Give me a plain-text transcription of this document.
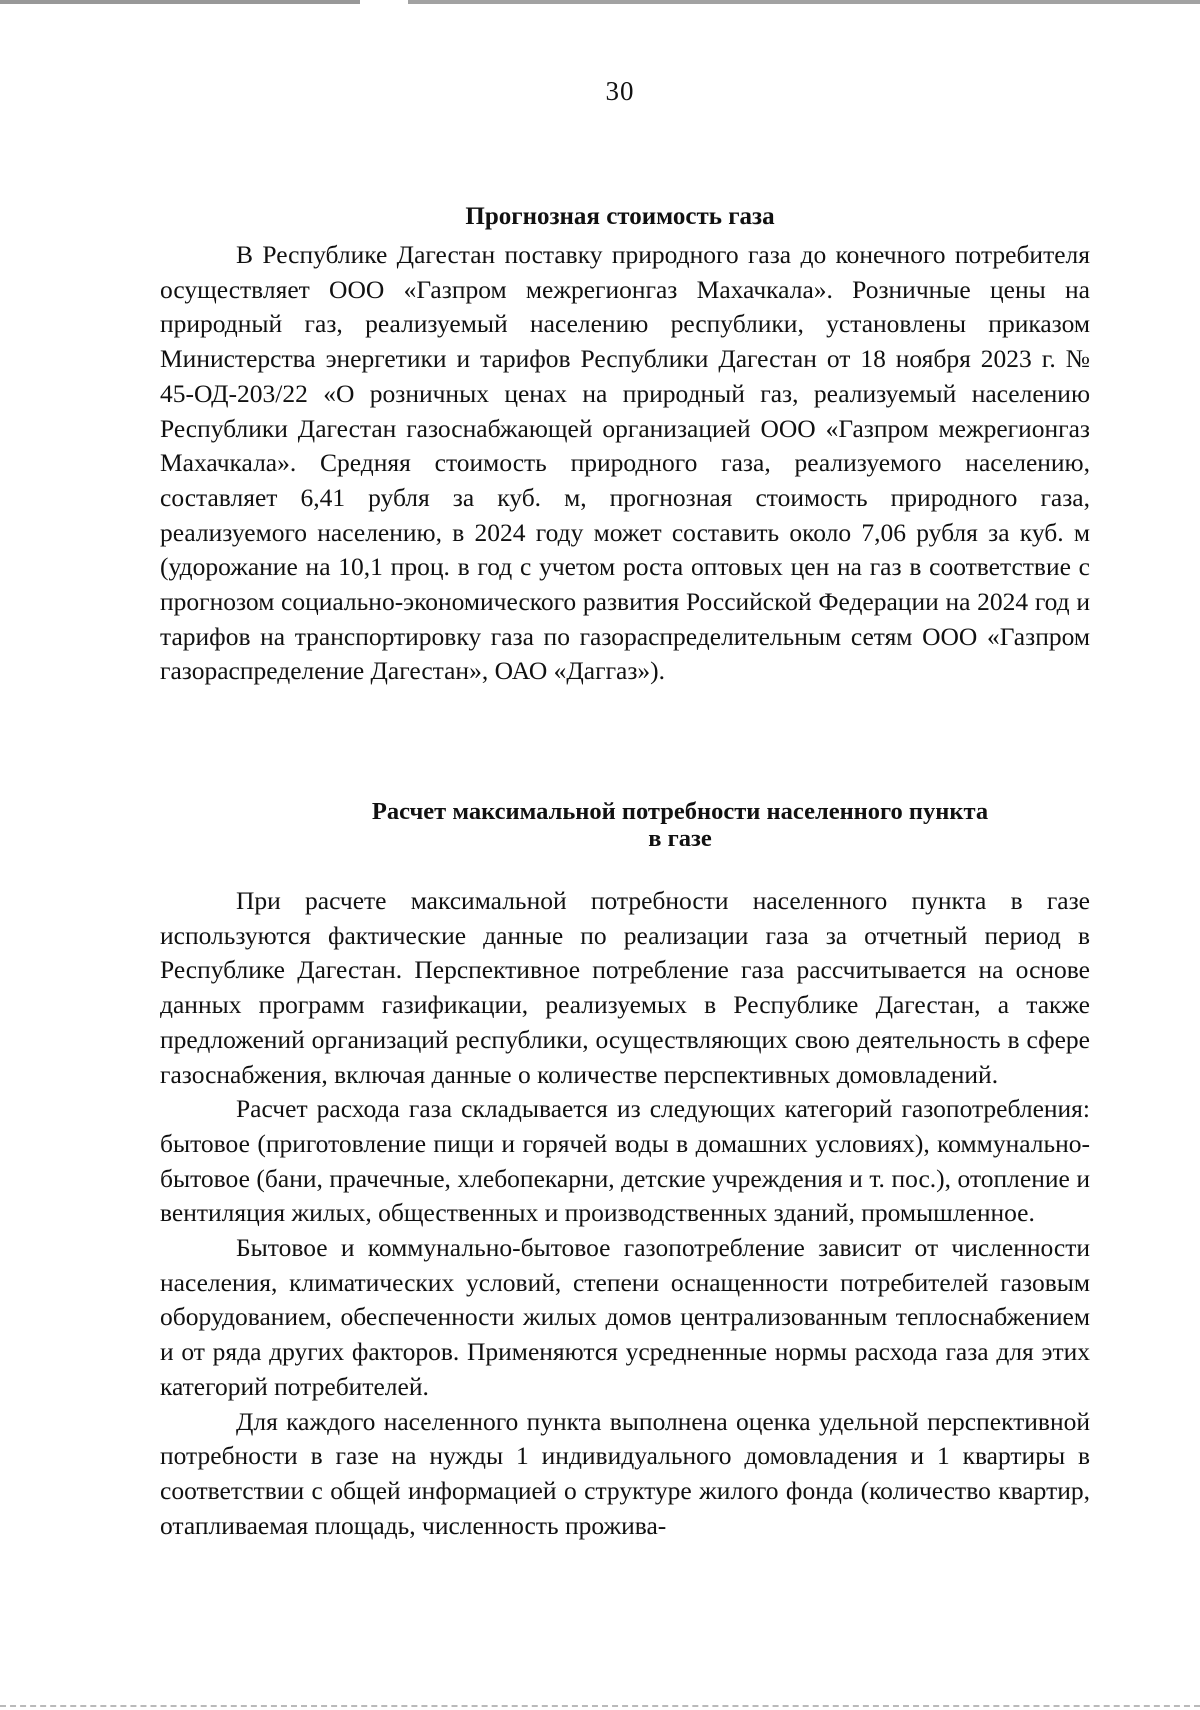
30
Прогнозная стоимость газа

В Республике Дагестан поставку природного газа до конечного потребителя осуществляет ООО «Газпром межрегионгаз Махачкала». Розничные цены на природный газ, реализуемый населению республики, установлены приказом Министерства энергетики и тарифов Республики Дагестан от 18 ноября 2023 г. № 45-ОД-203/22 «О розничных ценах на природный газ, реализуемый населению Республики Дагестан газоснабжающей организацией ООО «Газпром межрегионгаз Махачкала». Средняя стоимость природного газа, реализуемого населению, составляет 6,41 рубля за куб. м, прогнозная стоимость природного газа, реализуемого населению, в 2024 году может составить около 7,06 рубля за куб. м (удорожание на 10,1 проц. в год с учетом роста оптовых цен на газ в соответствие с прогнозом социально-экономического развития Российской Федерации на 2024 год и тарифов на транспортировку газа по газораспределительным сетям ООО «Газпром газораспределение Дагестан», ОАО «Даггаз»).

Расчет максимальной потребности населенного пункта
в газе

При расчете максимальной потребности населенного пункта в газе используются фактические данные по реализации газа за отчетный период в Республике Дагестан. Перспективное потребление газа рассчитывается на основе данных программ газификации, реализуемых в Республике Дагестан, а также предложений организаций республики, осуществляющих свою деятельность в сфере газоснабжения, включая данные о количестве перспективных домовладений.

Расчет расхода газа складывается из следующих категорий газопотребления: бытовое (приготовление пищи и горячей воды в домашних условиях), коммунально-бытовое (бани, прачечные, хлебопекарни, детские учреждения и т. пос.), отопление и вентиляция жилых, общественных и производственных зданий, промышленное.

Бытовое и коммунально-бытовое газопотребление зависит от численности населения, климатических условий, степени оснащенности потребителей газовым оборудованием, обеспеченности жилых домов централизованным теплоснабжением и от ряда других факторов. Применяются усредненные нормы расхода газа для этих категорий потребителей.

Для каждого населенного пункта выполнена оценка удельной перспективной потребности в газе на нужды 1 индивидуального домовладения и 1 квартиры в соответствии с общей информацией о структуре жилого фонда (количество квартир, отапливаемая площадь, численность прожива-
